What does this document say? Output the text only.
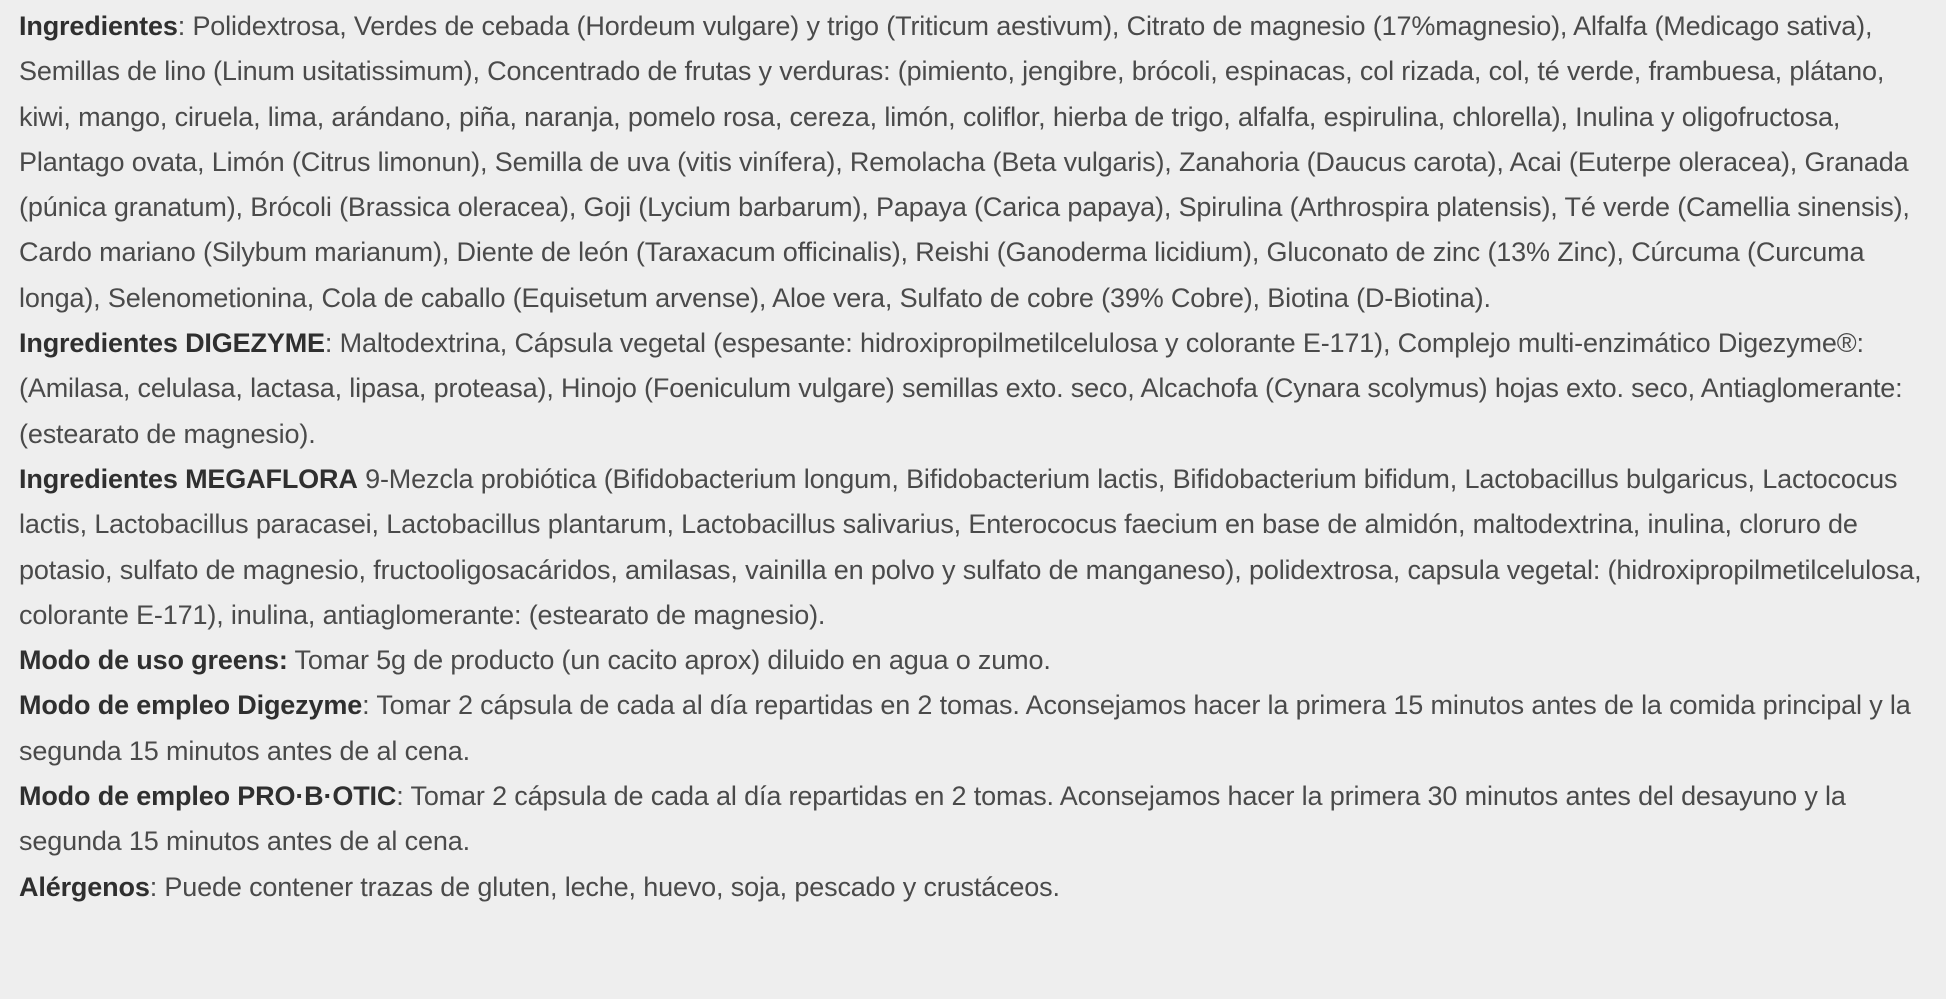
Ingredientes: Polidextrosa, Verdes de cebada (Hordeum vulgare) y trigo (Triticum aestivum), Citrato de magnesio (17%magnesio), Alfalfa (Medicago sativa), Semillas de lino (Linum usitatissimum), Concentrado de frutas y verduras: (pimiento, jengibre, brócoli, espinacas, col rizada, col, té verde, frambuesa, plátano, kiwi, mango, ciruela, lima, arándano, piña, naranja, pomelo rosa, cereza, limón, coliflor, hierba de trigo, alfalfa, espirulina, chlorella), Inulina y oligofructosa, Plantago ovata, Limón (Citrus limonun), Semilla de uva (vitis vinífera), Remolacha (Beta vulgaris), Zanahoria (Daucus carota), Acai (Euterpe oleracea), Granada (púnica granatum), Brócoli (Brassica oleracea), Goji (Lycium barbarum), Papaya (Carica papaya), Spirulina (Arthrospira platensis), Té verde (Camellia sinensis), Cardo mariano (Silybum marianum), Diente de león (Taraxacum officinalis), Reishi (Ganoderma licidium), Gluconato de zinc (13% Zinc), Cúrcuma (Curcuma longa), Selenometionina, Cola de caballo (Equisetum arvense), Aloe vera, Sulfato de cobre (39% Cobre), Biotina (D-Biotina).

Ingredientes DIGEZYME: Maltodextrina, Cápsula vegetal (espesante: hidroxipropilmetilcelulosa y colorante E-171), Complejo multi-enzimático Digezyme®: (Amilasa, celulasa, lactasa, lipasa, proteasa), Hinojo (Foeniculum vulgare) semillas exto. seco, Alcachofa (Cynara scolymus) hojas exto. seco, Antiaglomerante: (estearato de magnesio).

Ingredientes MEGAFLORA 9-Mezcla probiótica (Bifidobacterium longum, Bifidobacterium lactis, Bifidobacterium bifidum, Lactobacillus bulgaricus, Lactococus lactis, Lactobacillus paracasei, Lactobacillus plantarum, Lactobacillus salivarius, Enterococus faecium en base de almidón, maltodextrina, inulina, cloruro de potasio, sulfato de magnesio, fructooligosacáridos, amilasas, vainilla en polvo y sulfato de manganeso), polidextrosa, capsula vegetal: (hidroxipropilmetilcelulosa, colorante E-171), inulina, antiaglomerante: (estearato de magnesio).

Modo de uso greens: Tomar 5g de producto (un cacito aprox) diluido en agua o zumo.

Modo de empleo Digezyme: Tomar 2 cápsula de cada al día repartidas en 2 tomas. Aconsejamos hacer la primera 15 minutos antes de la comida principal y la segunda 15 minutos antes de al cena.

Modo de empleo PRO·B·OTIC: Tomar 2 cápsula de cada al día repartidas en 2 tomas. Aconsejamos hacer la primera 30 minutos antes del desayuno y la segunda 15 minutos antes de al cena.

Alérgenos: Puede contener trazas de gluten, leche, huevo, soja, pescado y crustáceos.
